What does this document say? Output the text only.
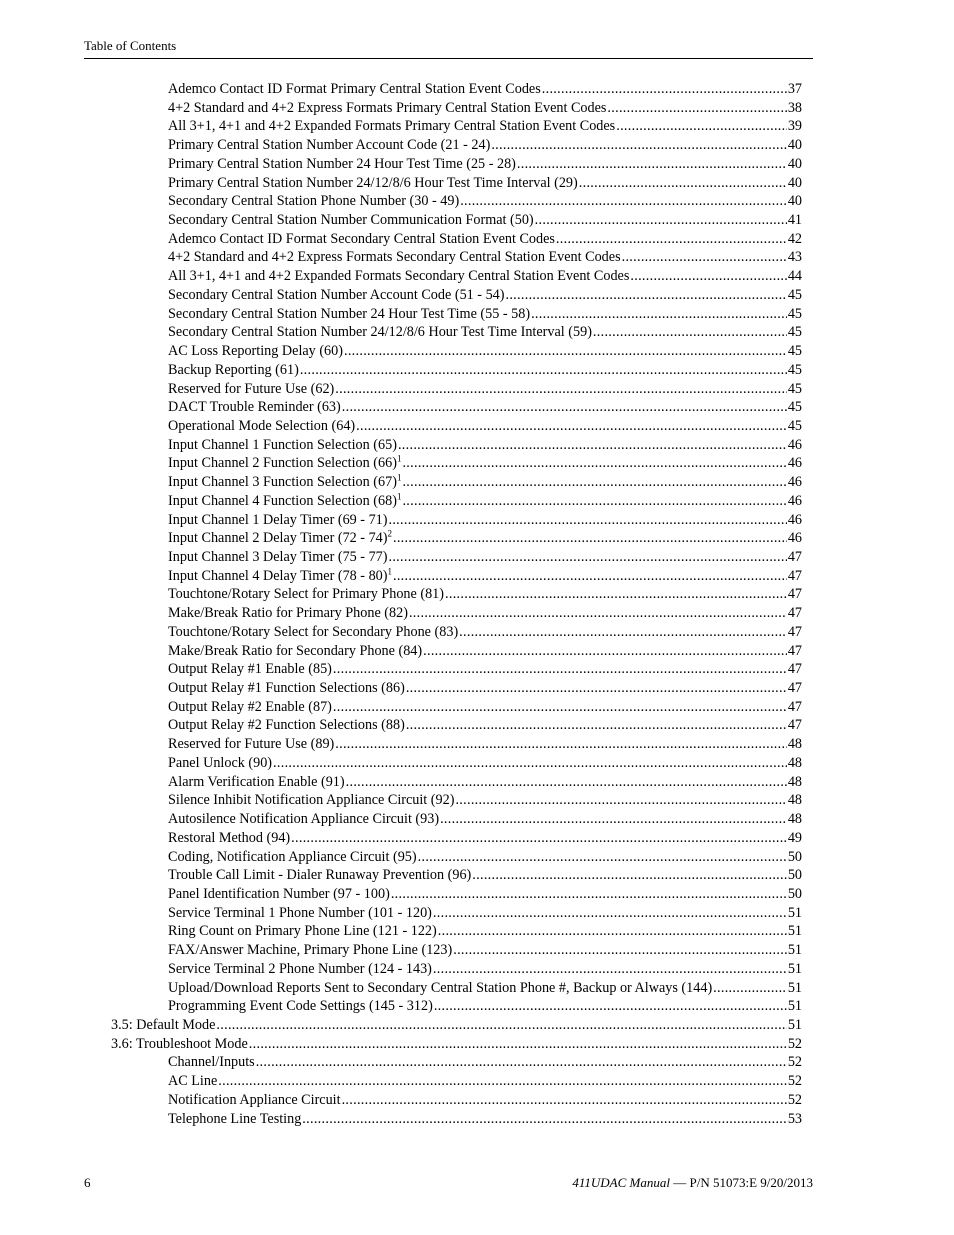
Table of Contents
Ademco Contact ID Format Primary Central Station Event Codes .....	37
4+2 Standard and 4+2 Express Formats Primary Central Station Event Codes .....	38
All 3+1, 4+1 and 4+2 Expanded Formats Primary Central Station Event Codes .....	39
Primary Central Station Number Account Code (21 - 24) .....	40
Primary Central Station Number 24 Hour Test Time (25 - 28) .....	40
Primary Central Station Number 24/12/8/6 Hour Test Time Interval (29) .....	40
Secondary Central Station Phone Number (30 - 49) .....	40
Secondary Central Station Number Communication Format (50) .....	41
Ademco Contact ID Format Secondary Central Station Event Codes .....	42
4+2 Standard and 4+2 Express Formats Secondary Central Station Event Codes .....	43
All 3+1, 4+1 and 4+2 Expanded Formats Secondary Central Station Event Codes .....	44
Secondary Central Station Number Account Code (51 - 54) .....	45
Secondary Central Station Number 24 Hour Test Time (55 - 58) .....	45
Secondary Central Station Number 24/12/8/6 Hour Test Time Interval (59) .....	45
AC Loss Reporting Delay (60) .....	45
Backup Reporting (61) .....	45
Reserved for Future Use (62) .....	45
DACT Trouble Reminder (63) .....	45
Operational Mode Selection (64) .....	45
Input Channel 1 Function Selection (65) .....	46
Input Channel 2 Function Selection $(66)^1$ .....	46
Input Channel 3 Function Selection $(67)^1$ .....	46
Input Channel 4 Function Selection $(68)^1$ .....	46
Input Channel 1 Delay Timer (69 - 71) .....	46
Input Channel 2 Delay Timer (72 - 74)$^2$ .....	46
Input Channel 3 Delay Timer (75 - 77) .....	47
Input Channel 4 Delay Timer (78 - 80)$^1$ .....	47
Touchtone/Rotary Select for Primary Phone (81) .....	47
Make/Break Ratio for Primary Phone (82) .....	47
Touchtone/Rotary Select for Secondary Phone (83) .....	47
Make/Break Ratio for Secondary Phone (84) .....	47
Output Relay #1 Enable (85) .....	47
Output Relay #1 Function Selections (86) .....	47
Output Relay #2 Enable (87) .....	47
Output Relay #2 Function Selections (88) .....	47
Reserved for Future Use (89) .....	48
Panel Unlock (90) .....	48
Alarm Verification Enable (91) .....	48
Silence Inhibit Notification Appliance Circuit (92) .....	48
Autosilence Notification Appliance Circuit (93) .....	48
Restoral Method (94) .....	49
Coding, Notification Appliance Circuit (95) .....	50
Trouble Call Limit - Dialer Runaway Prevention (96) .....	50
Panel Identification Number (97 - 100) .....	50
Service Terminal 1 Phone Number (101 - 120) .....	51
Ring Count on Primary Phone Line (121 - 122) .....	51
FAX/Answer Machine, Primary Phone Line (123) .....	51
Service Terminal 2 Phone Number (124 - 143) .....	51
Upload/Download Reports Sent to Secondary Central Station Phone #, Backup or Always (144) .....	51
Programming Event Code Settings (145 - 312) .....	51
3.5: Default Mode .....	51
3.6: Troubleshoot Mode .....	52
Channel/Inputs .....	52
AC Line .....	52
Notification Appliance Circuit .....	52
Telephone Line Testing .....	53
6	411UDAC Manual — P/N 51073:E 9/20/2013
